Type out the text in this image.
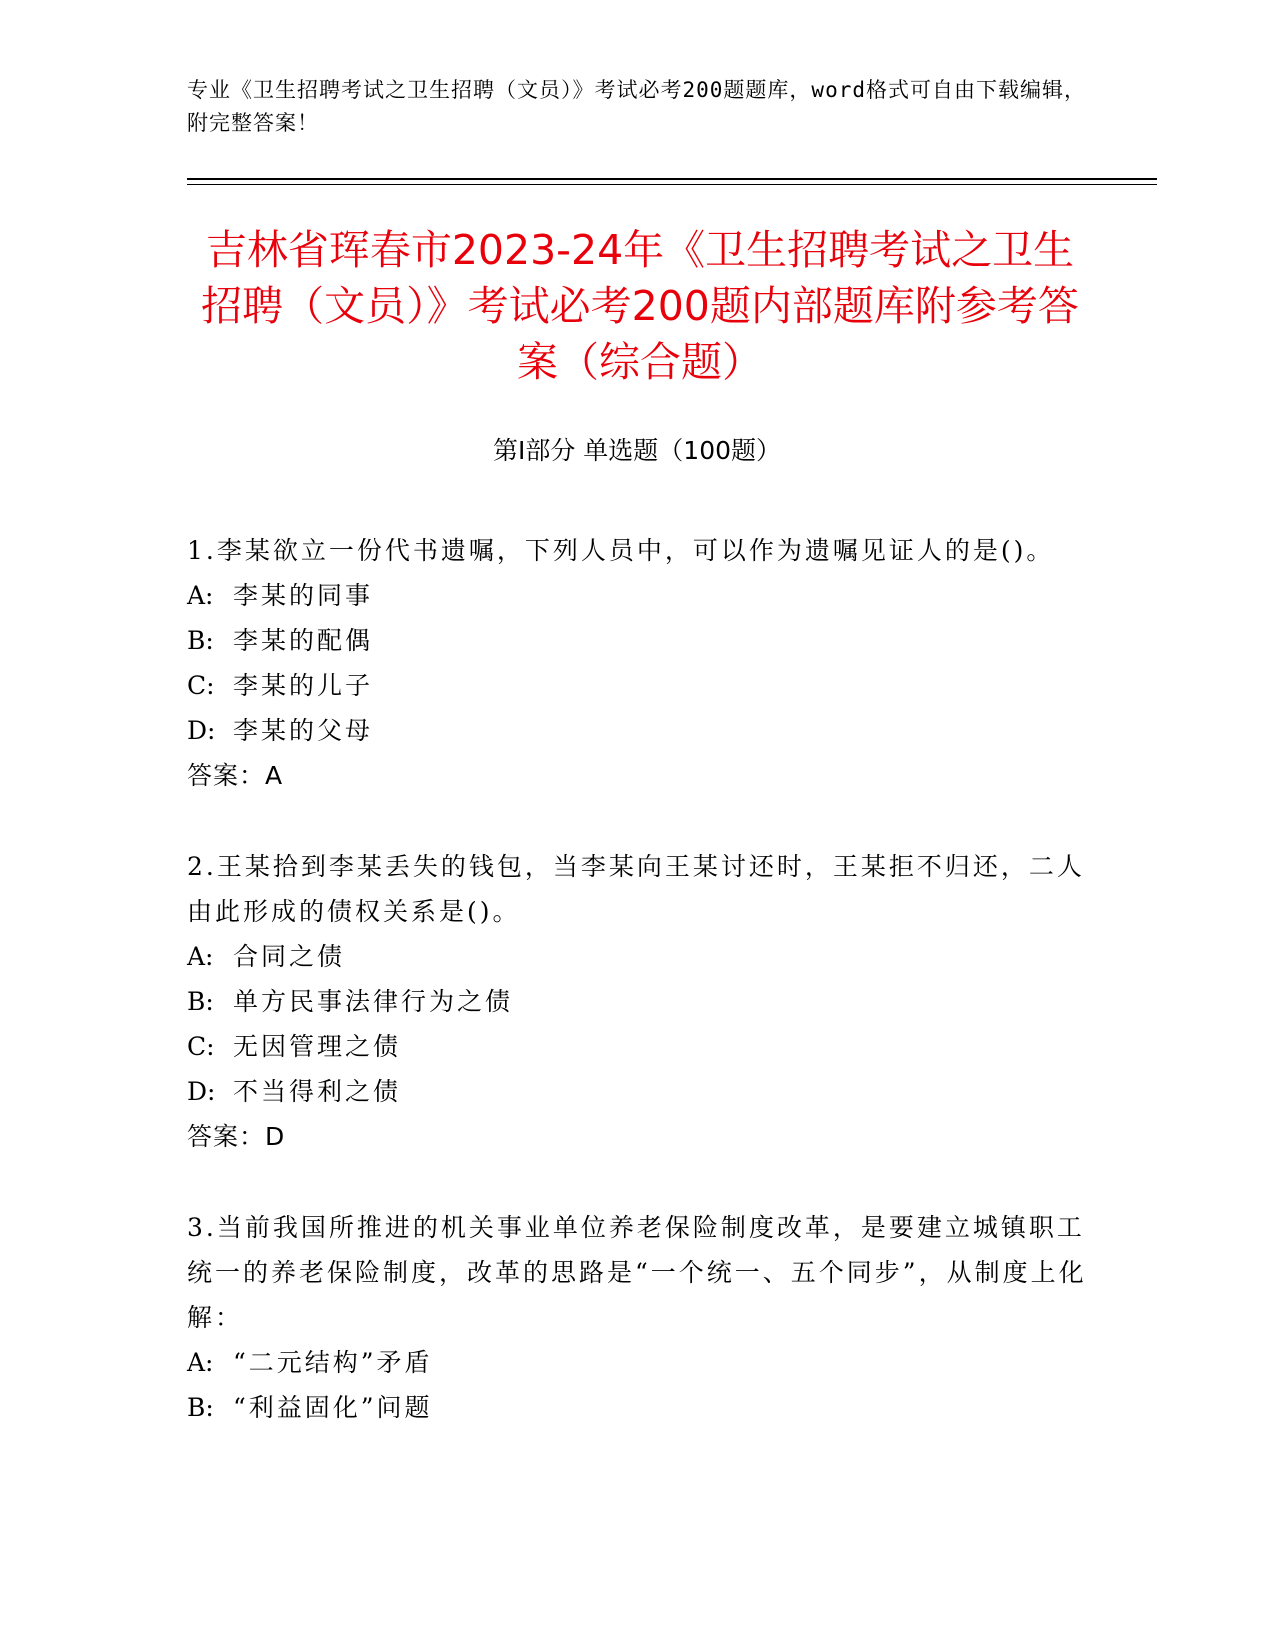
专业《卫生招聘考试之卫生招聘（文员）》考试必考200题题库，word格式可自由下载编辑，附完整答案！
吉林省珲春市2023-24年《卫生招聘考试之卫生招聘（文员）》考试必考200题内部题库附参考答案（综合题）
第Ⅰ部分 单选题（100题）
1.李某欲立一份代书遗嘱，下列人员中，可以作为遗嘱见证人的是()。
A: 李某的同事
B: 李某的配偶
C: 李某的儿子
D: 李某的父母
答案：A
2.王某拾到李某丢失的钱包，当李某向王某讨还时，王某拒不归还，二人由此形成的债权关系是()。
A: 合同之债
B: 单方民事法律行为之债
C: 无因管理之债
D: 不当得利之债
答案：D
3.当前我国所推进的机关事业单位养老保险制度改革，是要建立城镇职工统一的养老保险制度，改革的思路是“一个统一、五个同步”，从制度上化解：
A: “二元结构”矛盾
B: “利益固化”问题
